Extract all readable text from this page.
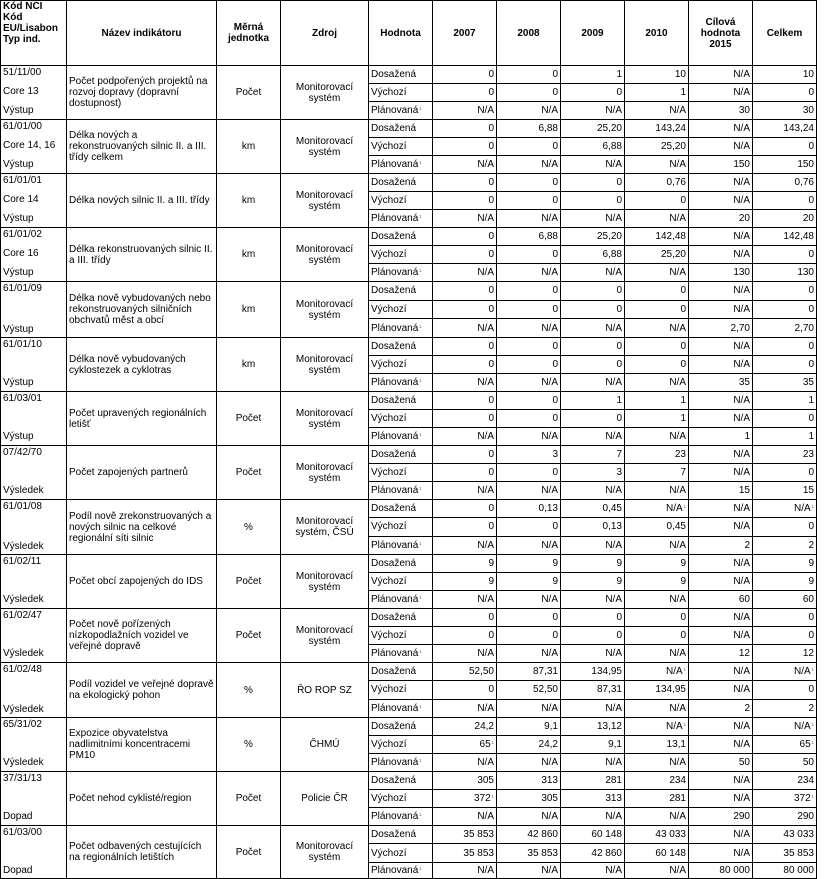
Kód NČI
Kód EU/Lisabon
Typ ind.	Název indikátoru	Měrná jednotka	Zdroj	Hodnota	2007	2008	2009	2010	Cílová hodnota 2015	Celkem

51/11/00
Core 13
Výstup	Počet podpořených projektů na rozvoj dopravy (dopravní dostupnost)	Počet	Monitorovací systém	Dosažená	0	0	1	10	N/A	10
				Výchozí	0	0	0	1	N/A	0
				Plánovaná$^{^1}$	N/A	N/A	N/A	N/A	30	30

61/01/00
Core 14, 16
Výstup	Délka nových a rekonstruovaných silnic II. a III. třídy celkem	km	Monitorovací systém	Dosažená	0	6,88	25,20	143,24	N/A	143,24
				Výchozí	0	0	6,88	25,20	N/A	0
				Plánovaná$^{^1}$	N/A	N/A	N/A	N/A	150	150

61/01/01
Core 14
Výstup	Délka nových silnic II. a III. třídy	km	Monitorovací systém	Dosažená	0	0	0	0,76	N/A	0,76
				Výchozí	0	0	0	0	N/A	0
				Plánovaná$^{^1}$	N/A	N/A	N/A	N/A	20	20

61/01/02
Core 16
Výstup	Délka rekonstruovaných silnic II. a III. třídy	km	Monitorovací systém	Dosažená	0	6,88	25,20	142,48	N/A	142,48
				Výchozí	0	0	6,88	25,20	N/A	0
				Plánovaná$^{^1}$	N/A	N/A	N/A	N/A	130	130

61/01/09
Výstup	Délka nově vybudovaných nebo rekonstruovaných silničních obchvatů měst a obcí	km	Monitorovací systém	Dosažená	0	0	0	0	N/A	0
				Výchozí	0	0	0	0	N/A	0
				Plánovaná$^{^1}$	N/A	N/A	N/A	N/A	2,70	2,70

61/01/10
Výstup	Délka nově vybudovaných cyklostezek a cyklotras	km	Monitorovací systém	Dosažená	0	0	0	0	N/A	0
				Výchozí	0	0	0	0	N/A	0
				Plánovaná$^{^1}$	N/A	N/A	N/A	N/A	35	35

61/03/01
Výstup	Počet upravených regionálních letišť	Počet	Monitorovací systém	Dosažená	0	0	1	1	N/A	1
				Výchozí	0	0	0	1	N/A	0
				Plánovaná$^{^1}$	N/A	N/A	N/A	N/A	1	1

07/42/70
Výsledek	Počet zapojených partnerů	Počet	Monitorovací systém	Dosažená	0	3	7	23	N/A	23
				Výchozí	0	0	3	7	N/A	0
				Plánovaná$^{^1}$	N/A	N/A	N/A	N/A	15	15

61/01/08
Výsledek	Podíl nově zrekonstruovaných a nových silnic na celkové regionální síti silnic	%	Monitorovací systém, ČSÚ	Dosažená	0	0,13	0,45	$N/A^{^1}$	N/A	$N/A^{^1}$
				Výchozí	0	0	0,13	0,45	N/A	0
				Plánovaná$^{^1}$	N/A	N/A	N/A	N/A	2	2

61/02/11
Výsledek	Počet obcí zapojených do IDS	Počet	Monitorovací systém	Dosažená	9	9	9	9	N/A	9
				Výchozí	9	9	9	9	N/A	9
				Plánovaná$^{^1}$	N/A	N/A	N/A	N/A	60	60

61/02/47
Výsledek	Počet nově pořízených nízkopodlažních vozidel ve veřejné dopravě	Počet	Monitorovací systém	Dosažená	0	0	0	0	N/A	0
				Výchozí	0	0	0	0	N/A	0
				Plánovaná$^{^1}$	N/A	N/A	N/A	N/A	12	12

61/02/48
Výsledek	Podíl vozidel ve veřejné dopravě na ekologický pohon	%	ŘO ROP SZ	Dosažená	52,50	87,31	134,95	$N/A^{^1}$	N/A	$N/A^{^1}$
				Výchozí	0	52,50	87,31	134,95	N/A	0
				Plánovaná$^{^1}$	N/A	N/A	N/A	N/A	2	2

65/31/02
Výsledek	Expozice obyvatelstva nadlimitními koncentracemi PM10	%	ČHMÚ	Dosažená	24,2	9,1	13,12	$N/A^{^1}$	N/A	$N/A^{^1}$
				Výchozí	$65^{^1}$	24,2	9,1	13,1	N/A	$65^{^1}$
				Plánovaná$^{^1}$	N/A	N/A	N/A	N/A	50	50

37/31/13
Dopad	Počet nehod cyklisté/region	Počet	Policie ČR	Dosažená	305	313	281	234	N/A	234
				Výchozí	$372^{^1}$	305	313	281	N/A	$372^{^1}$
				Plánovaná$^{^1}$	N/A	N/A	N/A	N/A	290	290

61/03/00
Dopad	Počet odbavených cestujících na regionálních letištích	Počet	Monitorovací systém	Dosažená	35 853	42 860	60 148	43 033	N/A	43 033
				Výchozí	35 853	35 853	42 860	60 148	N/A	35 853
				Plánovaná$^{^1}$	N/A	N/A	N/A	N/A	80 000	80 000
